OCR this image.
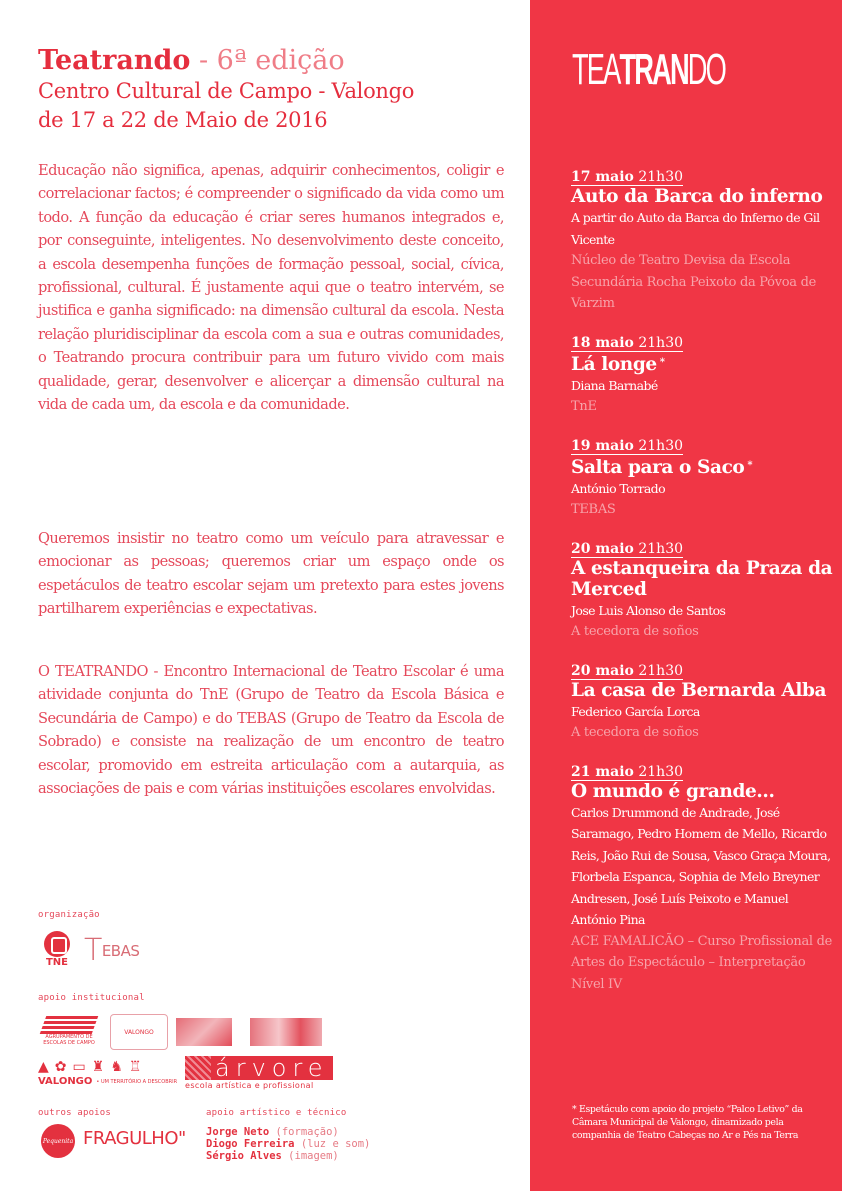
Teatrando - 6ª edição
Centro Cultural de Campo - Valongo
de 17 a 22 de Maio de 2016

Educação não significa, apenas, adquirir conhecimentos, coligir e correlacionar factos; é compreender o significado da vida como um todo. A função da educação é criar seres humanos integrados e, por conseguinte, inteligentes. No desenvolvimento deste conceito, a escola desempenha funções de formação pessoal, social, cívica, profissional, cultural. É justamente aqui que o teatro intervém, se justifica e ganha significado: na dimensão cultural da escola. Nesta relação pluridisciplinar da escola com a sua e outras comunidades, o Teatrando procura contribuir para um futuro vivido com mais qualidade, gerar, desenvolver e alicerçar a dimensão cultural na vida de cada um, da escola e da comunidade.

Queremos insistir no teatro como um veículo para atravessar e emocionar as pessoas; queremos criar um espaço onde os espetáculos de teatro escolar sejam um pretexto para estes jovens partilharem experiências e expectativas.

O TEATRANDO - Encontro Internacional de Teatro Escolar é uma atividade conjunta do TnE (Grupo de Teatro da Escola Básica e Secundária de Campo) e do TEBAS (Grupo de Teatro da Escola de Sobrado) e consiste na realização de um encontro de teatro escolar, promovido em estreita articulação com a autarquia, as associações de pais e com várias instituições escolares envolvidas.

organização
TNE T EBAS
apoio institucional
AGRUPAMENTO DE
ESCOLAS DE CAMPO
VALONGO
▲ ✿ ▭ ♜ ♞ ♖
VALONGO • UM TERRITÓRIO A DESCOBRIR árvore
escola artística e profissional
outros apoios
Pequenita FRAGULHO"
apoio artístico e técnico
Jorge Neto (formação)
Diogo Ferreira (luz e som)
Sérgio Alves (imagem)
TEATRANDO
17 maio 21h30
Auto da Barca do inferno
A partir do Auto da Barca do Inferno de Gil Vicente
Núcleo de Teatro Devisa da Escola Secundária Rocha Peixoto da Póvoa de Varzim
18 maio 21h30
Lá longe *
Diana Barnabé
TnE
19 maio 21h30
Salta para o Saco *
António Torrado
TEBAS
20 maio 21h30
A estanqueira da Praza da Merced
Jose Luis Alonso de Santos
A tecedora de soños
20 maio 21h30
La casa de Bernarda Alba
Federico García Lorca
A tecedora de soños
21 maio 21h30
O mundo é grande...
Carlos Drummond de Andrade, José Saramago, Pedro Homem de Mello, Ricardo Reis, João Rui de Sousa, Vasco Graça Moura, Florbela Espanca, Sophia de Melo Breyner Andresen, José Luís Peixoto e Manuel António Pina
ACE FAMALICÃO – Curso Profissional de Artes do Espectáculo – Interpretação Nível IV
* Espetáculo com apoio do projeto “Palco Letivo” da Câmara Municipal de Valongo, dinamizado pela companhia de Teatro Cabeças no Ar e Pés na Terra
